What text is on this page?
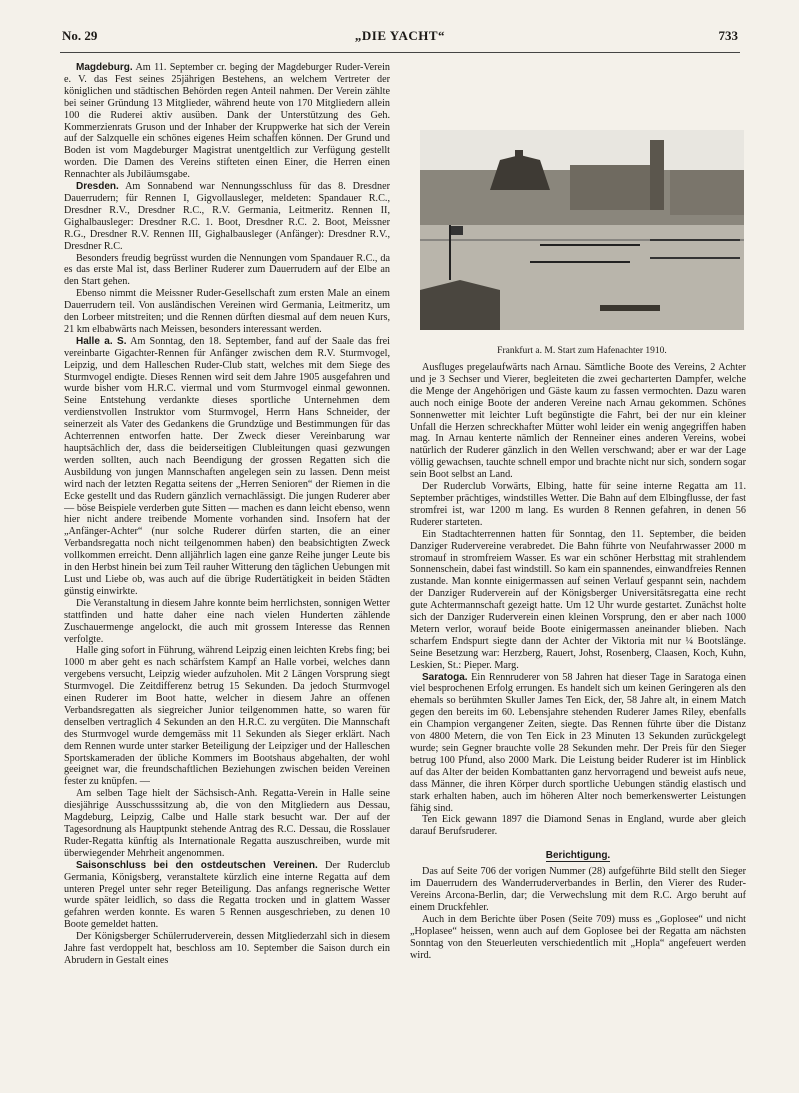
No. 29	„DIE YACHT“	733

Magdeburg. Am 11. September cr. beging der Magdeburger Ruder-Verein e. V. das Fest seines 25jährigen Bestehens, an welchem Vertreter der königlichen und städtischen Behörden regen Anteil nahmen. Der Verein zählte bei seiner Gründung 13 Mitglieder, während heute von 170 Mitgliedern allein 100 die Ruderei aktiv ausüben. Dank der Unterstützung des Geh. Kommerzienrats Gruson und der Inhaber der Kruppwerke hat sich der Verein auf der Salzquelle ein schönes eigenes Heim schaffen können. Der Grund und Boden ist vom Magdeburger Magistrat unentgeltlich zur Verfügung gestellt worden. Die Damen des Vereins stifteten einen Einer, die Herren einen Rennachter als Jubiläumsgabe.

Dresden. Am Sonnabend war Nennungsschluss für das 8. Dresdner Dauerrudern; für Rennen I, Gigvollausleger, meldeten: Spandauer R.C., Dresdner R.V., Dresdner R.C., R.V. Germania, Leitmeritz. Rennen II, Gighalbausleger: Dresdner R.C. 1. Boot, Dresdner R.C. 2. Boot, Meissner R.G., Dresdner R.V. Rennen III, Gighalbausleger (Anfänger): Dresdner R.V., Dresdner R.C.

Besonders freudig begrüsst wurden die Nennungen vom Spandauer R.C., da es das erste Mal ist, dass Berliner Ruderer zum Dauerrudern auf der Elbe an den Start gehen.

Ebenso nimmt die Meissner Ruder-Gesellschaft zum ersten Male an einem Dauerrudern teil. Von ausländischen Vereinen wird Germania, Leitmeritz, um den Lorbeer mitstreiten; und die Rennen dürften diesmal auf dem neuen Kurs, 21 km elbabwärts nach Meissen, besonders interessant werden.

Halle a. S. Am Sonntag, den 18. September, fand auf der Saale das frei vereinbarte Gigachter-Rennen für Anfänger zwischen dem R.V. Sturmvogel, Leipzig, und dem Halleschen Ruder-Club statt, welches mit dem Siege des Sturmvogel endigte. Dieses Rennen wird seit dem Jahre 1905 ausgefahren und wurde bisher vom H.R.C. viermal und vom Sturmvogel einmal gewonnen. Seine Entstehung verdankte dieses sportliche Unternehmen dem verdienstvollen Instruktor vom Sturmvogel, Herrn Hans Schneider, der seinerzeit als Vater des Gedankens die Grundzüge und Bestimmungen für das Achterrennen entworfen hatte. Der Zweck dieser Vereinbarung war hauptsächlich der, dass die beiderseitigen Clubleitungen quasi gezwungen werden sollten, auch nach Beendigung der grossen Regatten sich die Ausbildung von jungen Mannschaften angelegen sein zu lassen. Denn meist wird nach der letzten Regatta seitens der „Herren Senioren“ der Riemen in die Ecke gestellt und das Rudern gänzlich vernachlässigt. Die jungen Ruderer aber — böse Beispiele verderben gute Sitten — machen es dann leicht ebenso, wenn hier nicht andere treibende Momente vorhanden sind. Insofern hat der „Anfänger-Achter“ (nur solche Ruderer dürfen starten, die an einer Verbandsregatta noch nicht teilgenommen haben) den beabsichtigten Zweck vollkommen erreicht. Denn alljährlich lagen eine ganze Reihe junger Leute bis in den Herbst hinein bei zum Teil rauher Witterung den täglichen Uebungen mit Lust und Liebe ob, was auch auf die übrige Rudertätigkeit in beiden Städten günstig einwirkte.

Die Veranstaltung in diesem Jahre konnte beim herrlichsten, sonnigen Wetter stattfinden und hatte daher eine nach vielen Hunderten zählende Zuschauermenge angelockt, die auch mit grossem Interesse das Rennen verfolgte.

Halle ging sofort in Führung, während Leipzig einen leichten Krebs fing; bei 1000 m aber geht es nach schärfstem Kampf an Halle vorbei, welches dann vergebens versucht, Leipzig wieder aufzuholen. Mit 2 Längen Vorsprung siegt Sturmvogel. Die Zeitdifferenz betrug 15 Sekunden. Da jedoch Sturmvogel einen Ruderer im Boot hatte, welcher in diesem Jahre an offenen Verbandsregatten als siegreicher Junior teilgenommen hatte, so waren für denselben vertraglich 4 Sekunden an den H.R.C. zu vergüten. Die Mannschaft des Sturmvogel wurde demgemäss mit 11 Sekunden als Sieger erklärt. Nach dem Rennen wurde unter starker Beteiligung der Leipziger und der Halleschen Sportskameraden der übliche Kommers im Bootshaus abgehalten, der wohl geeignet war, die freundschaftlichen Beziehungen zwischen beiden Vereinen fester zu knüpfen. —

Am selben Tage hielt der Sächsisch-Anh. Regatta-Verein in Halle seine diesjährige Ausschusssitzung ab, die von den Mitgliedern aus Dessau, Magdeburg, Leipzig, Calbe und Halle stark besucht war. Der auf der Tagesordnung als Hauptpunkt stehende Antrag des R.C. Dessau, die Rosslauer Ruder-Regatta künftig als Internationale Regatta auszuschreiben, wurde mit überwiegender Mehrheit angenommen.

Saisonschluss bei den ostdeutschen Vereinen. Der Ruderclub Germania, Königsberg, veranstaltete kürzlich eine interne Regatta auf dem unteren Pregel unter sehr reger Beteiligung. Das anfangs regnerische Wetter wurde später leidlich, so dass die Regatta trocken und in glattem Wasser gefahren werden konnte. Es waren 5 Rennen ausgeschrieben, zu denen 10 Boote gemeldet hatten.

Der Königsberger Schülerruderverein, dessen Mitgliederzahl sich in diesem Jahre fast verdoppelt hat, beschloss am 10. September die Saison durch ein Abrudern in Gestalt eines

Frankfurt a. M. Start zum Hafenachter 1910.

Ausfluges pregelaufwärts nach Arnau. Sämtliche Boote des Vereins, 2 Achter und je 3 Sechser und Vierer, begleiteten die zwei gecharterten Dampfer, welche die Menge der Angehörigen und Gäste kaum zu fassen vermochten. Dazu waren auch noch einige Boote der anderen Vereine nach Arnau gekommen. Schönes Sonnenwetter mit leichter Luft begünstigte die Fahrt, bei der nur ein kleiner Unfall die Herzen schreckhafter Mütter wohl leider ein wenig angegriffen haben mag. In Arnau kenterte nämlich der Renneiner eines anderen Vereins, wobei natürlich der Ruderer gänzlich in den Wellen verschwand; aber er war der Lage völlig gewachsen, tauchte schnell empor und brachte nicht nur sich, sondern sogar sein Boot selbst an Land.

Der Ruderclub Vorwärts, Elbing, hatte für seine interne Regatta am 11. September prächtiges, windstilles Wetter. Die Bahn auf dem Elbingflusse, der fast stromfrei ist, war 1200 m lang. Es wurden 8 Rennen gefahren, in denen 56 Ruderer starteten.

Ein Stadtachterrennen hatten für Sonntag, den 11. September, die beiden Danziger Rudervereine verabredet. Die Bahn führte von Neufahrwasser 2000 m stromauf in stromfreiem Wasser. Es war ein schöner Herbsttag mit strahlendem Sonnenschein, dabei fast windstill. So kam ein spannendes, einwandfreies Rennen zustande. Man konnte einigermassen auf seinen Verlauf gespannt sein, nachdem der Danziger Ruderverein auf der Königsberger Universitätsregatta eine recht gute Achtermannschaft gezeigt hatte. Um 12 Uhr wurde gestartet. Zunächst holte sich der Danziger Ruderverein einen kleinen Vorsprung, den er aber nach 1000 Metern verlor, worauf beide Boote einigermassen aneinander blieben. Nach scharfem Endspurt siegte dann der Achter der Viktoria mit nur ¼ Bootslänge. Seine Besetzung war: Herzberg, Rauert, Johst, Rosenberg, Claasen, Koch, Kuhn, Leskien, St.: Pieper. Marg.

Saratoga. Ein Rennruderer von 58 Jahren hat dieser Tage in Saratoga einen viel besprochenen Erfolg errungen. Es handelt sich um keinen Geringeren als den ehemals so berühmten Skuller James Ten Eick, der, 58 Jahre alt, in einem Match gegen den bereits im 60. Lebensjahre stehenden Ruderer James Riley, ebenfalls ein Champion vergangener Zeiten, siegte. Das Rennen führte über die Distanz von 4800 Metern, die von Ten Eick in 23 Minuten 13 Sekunden zurückgelegt wurde; sein Gegner brauchte volle 28 Sekunden mehr. Der Preis für den Sieger betrug 100 Pfund, also 2000 Mark. Die Leistung beider Ruderer ist im Hinblick auf das Alter der beiden Kombattanten ganz hervorragend und beweist aufs neue, dass Männer, die ihren Körper durch sportliche Uebungen ständig elastisch und stark erhalten haben, auch im höheren Alter noch bemerkenswerter Leistungen fähig sind.

Ten Eick gewann 1897 die Diamond Senas in England, wurde aber gleich darauf Berufsruderer.

Berichtigung.

Das auf Seite 706 der vorigen Nummer (28) aufgeführte Bild stellt den Sieger im Dauerrudern des Wanderruderverbandes in Berlin, den Vierer des Ruder-Vereins Arcona-Berlin, dar; die Verwechslung mit dem R.C. Argo beruht auf einem Druckfehler.

Auch in dem Berichte über Posen (Seite 709) muss es „Goplosee“ und nicht „Hoplasee“ heissen, wenn auch auf dem Goplosee bei der Regatta am nächsten Sonntag von den Steuerleuten verschiedentlich mit „Hopla“ angefeuert werden wird.
